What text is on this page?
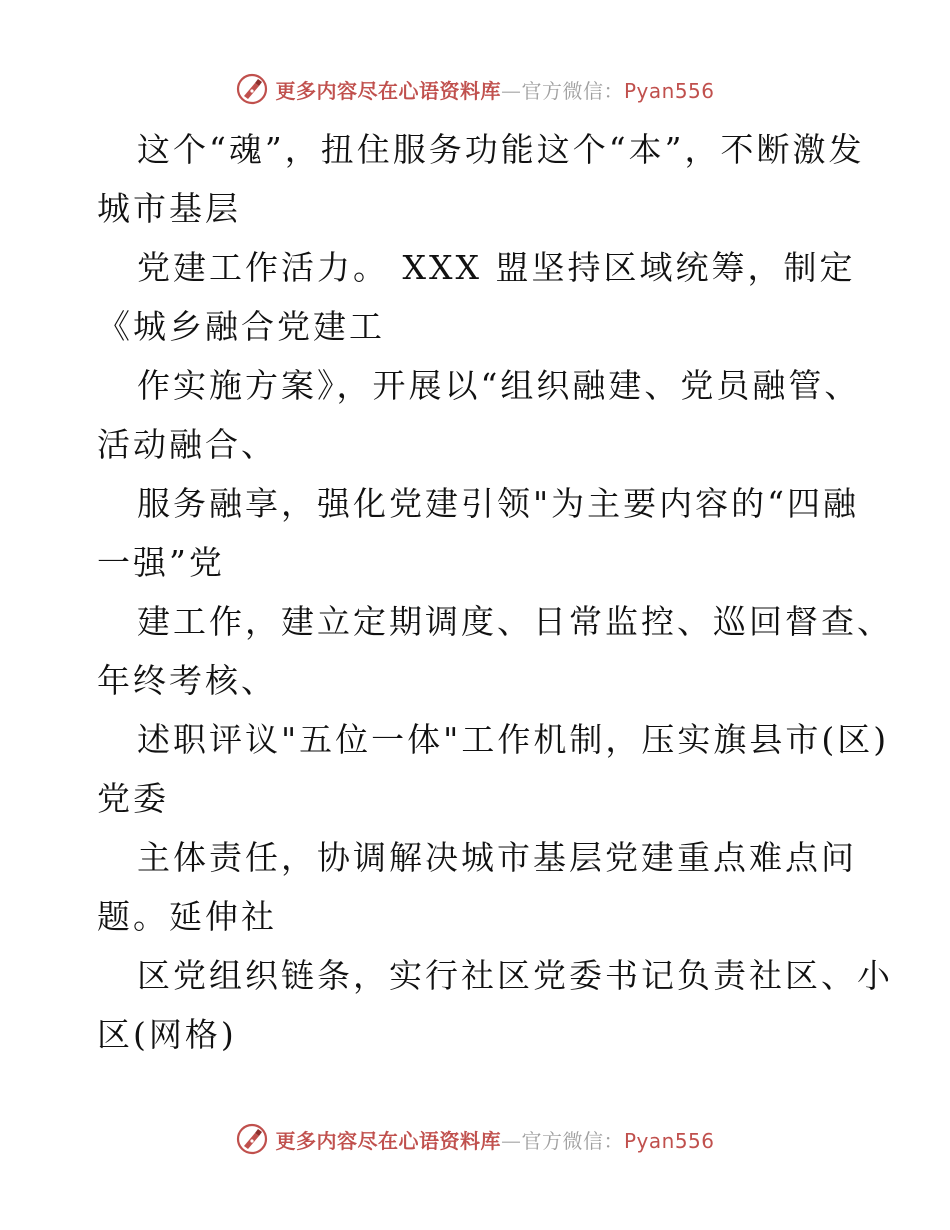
更多内容尽在心语资料库—官方微信：Pyan556
这个“魂”，扭住服务功能这个“本”，不断激发
城市基层
党建工作活力。 XXX 盟坚持区域统筹，制定
《城乡融合党建工
作实施方案》，开展以“组织融建、党员融管、
活动融合、
服务融享，强化党建引领"为主要内容的“四融
一强”党
建工作，建立定期调度、日常监控、巡回督查、
年终考核、
述职评议"五位一体"工作机制，压实旗县市(区)
党委
主体责任，协调解决城市基层党建重点难点问
题。延伸社
区党组织链条，实行社区党委书记负责社区、小
区(网格)
更多内容尽在心语资料库—官方微信：Pyan556
